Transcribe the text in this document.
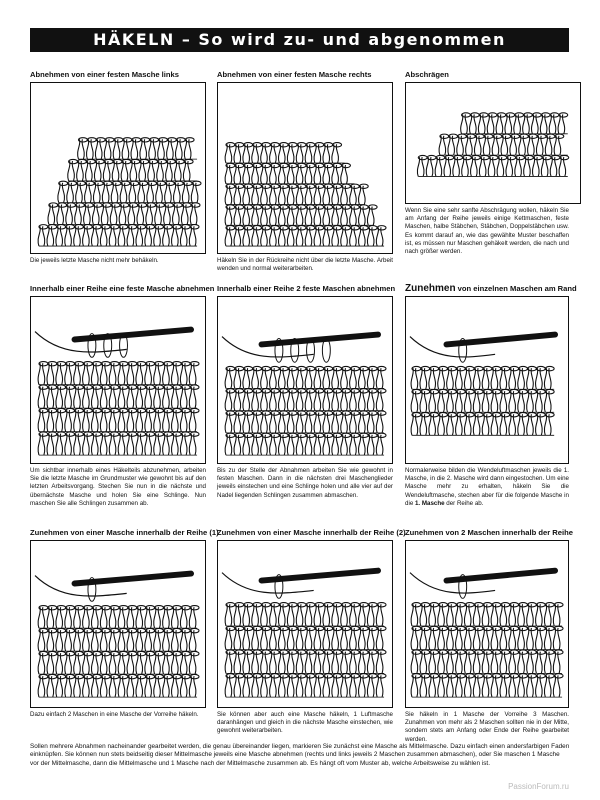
HÄKELN – So wird zu- und abgenommen
Abnehmen von einer festen Masche links
Die jeweils letzte Masche nicht mehr behäkeln.
Abnehmen von einer festen Masche rechts
Häkeln Sie in der Rückreihe nicht über die letzte Masche. Arbeit wenden und normal weiterarbeiten.
Abschrägen
Wenn Sie eine sehr sanfte Abschrägung wollen, häkeln Sie am Anfang der Reihe jeweils einige Kettmaschen, feste Maschen, halbe Stäbchen, Stäbchen, Doppelstäbchen usw. Es kommt darauf an, wie das gewählte Muster beschaffen ist, es müssen nur Maschen gehäkelt werden, die nach und nach größer werden.
Innerhalb einer Reihe eine feste Masche abnehmen
Um sichtbar innerhalb eines Häkelteils abzunehmen, arbeiten Sie die letzte Masche im Grundmuster wie gewohnt bis auf den letzten Arbeitsvorgang. Stechen Sie nun in die nächste und übernächste Masche und holen Sie eine Schlinge. Nun maschen Sie alle Schlingen zusammen ab.
Innerhalb einer Reihe 2 feste Maschen abnehmen
Bis zu der Stelle der Abnahmen arbeiten Sie wie gewohnt in festen Maschen. Dann in die nächsten drei Maschenglieder jeweils einstechen und eine Schlinge holen und alle vier auf der Nadel liegenden Schlingen zusammen abmaschen.
Zunehmen von einzelnen Maschen am Rand
Normalerweise bilden die Wendeluftmaschen jeweils die 1. Masche, in die 2. Masche wird dann eingestochen. Um eine Masche mehr zu erhalten, häkeln Sie die Wendeluftmasche, stechen aber für die folgende Masche in die 1. Masche der Reihe ab.
Zunehmen von einer Masche innerhalb der Reihe (1)
Dazu einfach 2 Maschen in eine Masche der Vorreihe häkeln.
Zunehmen von einer Masche innerhalb der Reihe (2)
Sie können aber auch eine Masche häkeln, 1 Luftmasche daranhängen und gleich in die nächste Masche einstechen, wie gewohnt weiterarbeiten.
Zunehmen von 2 Maschen innerhalb der Reihe
Sie häkeln in 1 Masche der Vorreihe 3 Maschen. Zunahmen von mehr als 2 Maschen sollten nie in der Mitte, sondern stets am Anfang oder Ende der Reihe gearbeitet werden.
Sollen mehrere Abnahmen nacheinander gearbeitet werden, die genau übereinander liegen, markieren Sie zunächst eine Masche als Mittelmasche. Dazu einfach einen andersfarbigen Faden einknüpfen. Sie können nun stets beidseitig dieser Mittelmasche jeweils eine Masche abnehmen (rechts und links jeweils 2 Maschen zusammen abmaschen), oder Sie maschen 1 Masche vor der Mittelmasche, dann die Mittelmasche und 1 Masche nach der Mittelmasche zusammen ab. Es hängt oft vom Muster ab, welche Arbeitsweise zu wählen ist.
PassionForum.ru
